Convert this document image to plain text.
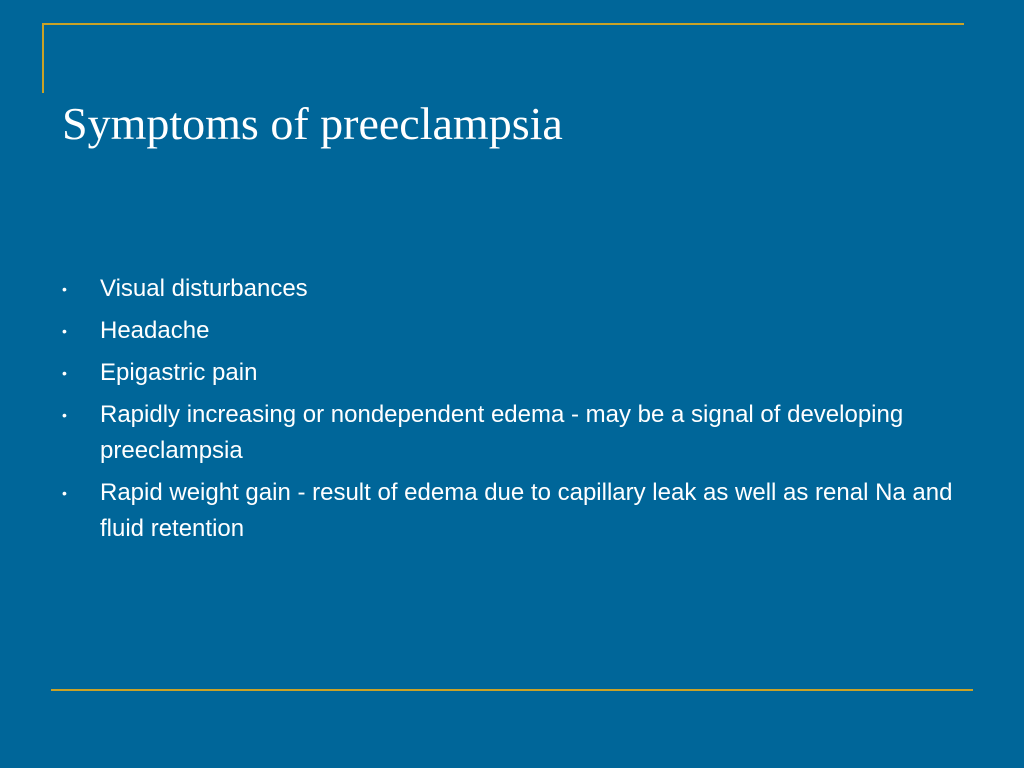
Symptoms of preeclampsia
• Visual disturbances
• Headache
• Epigastric pain
• Rapidly increasing or nondependent edema - may be a signal of developing preeclampsia
• Rapid weight gain - result of edema due to capillary leak as well as renal Na and fluid retention
